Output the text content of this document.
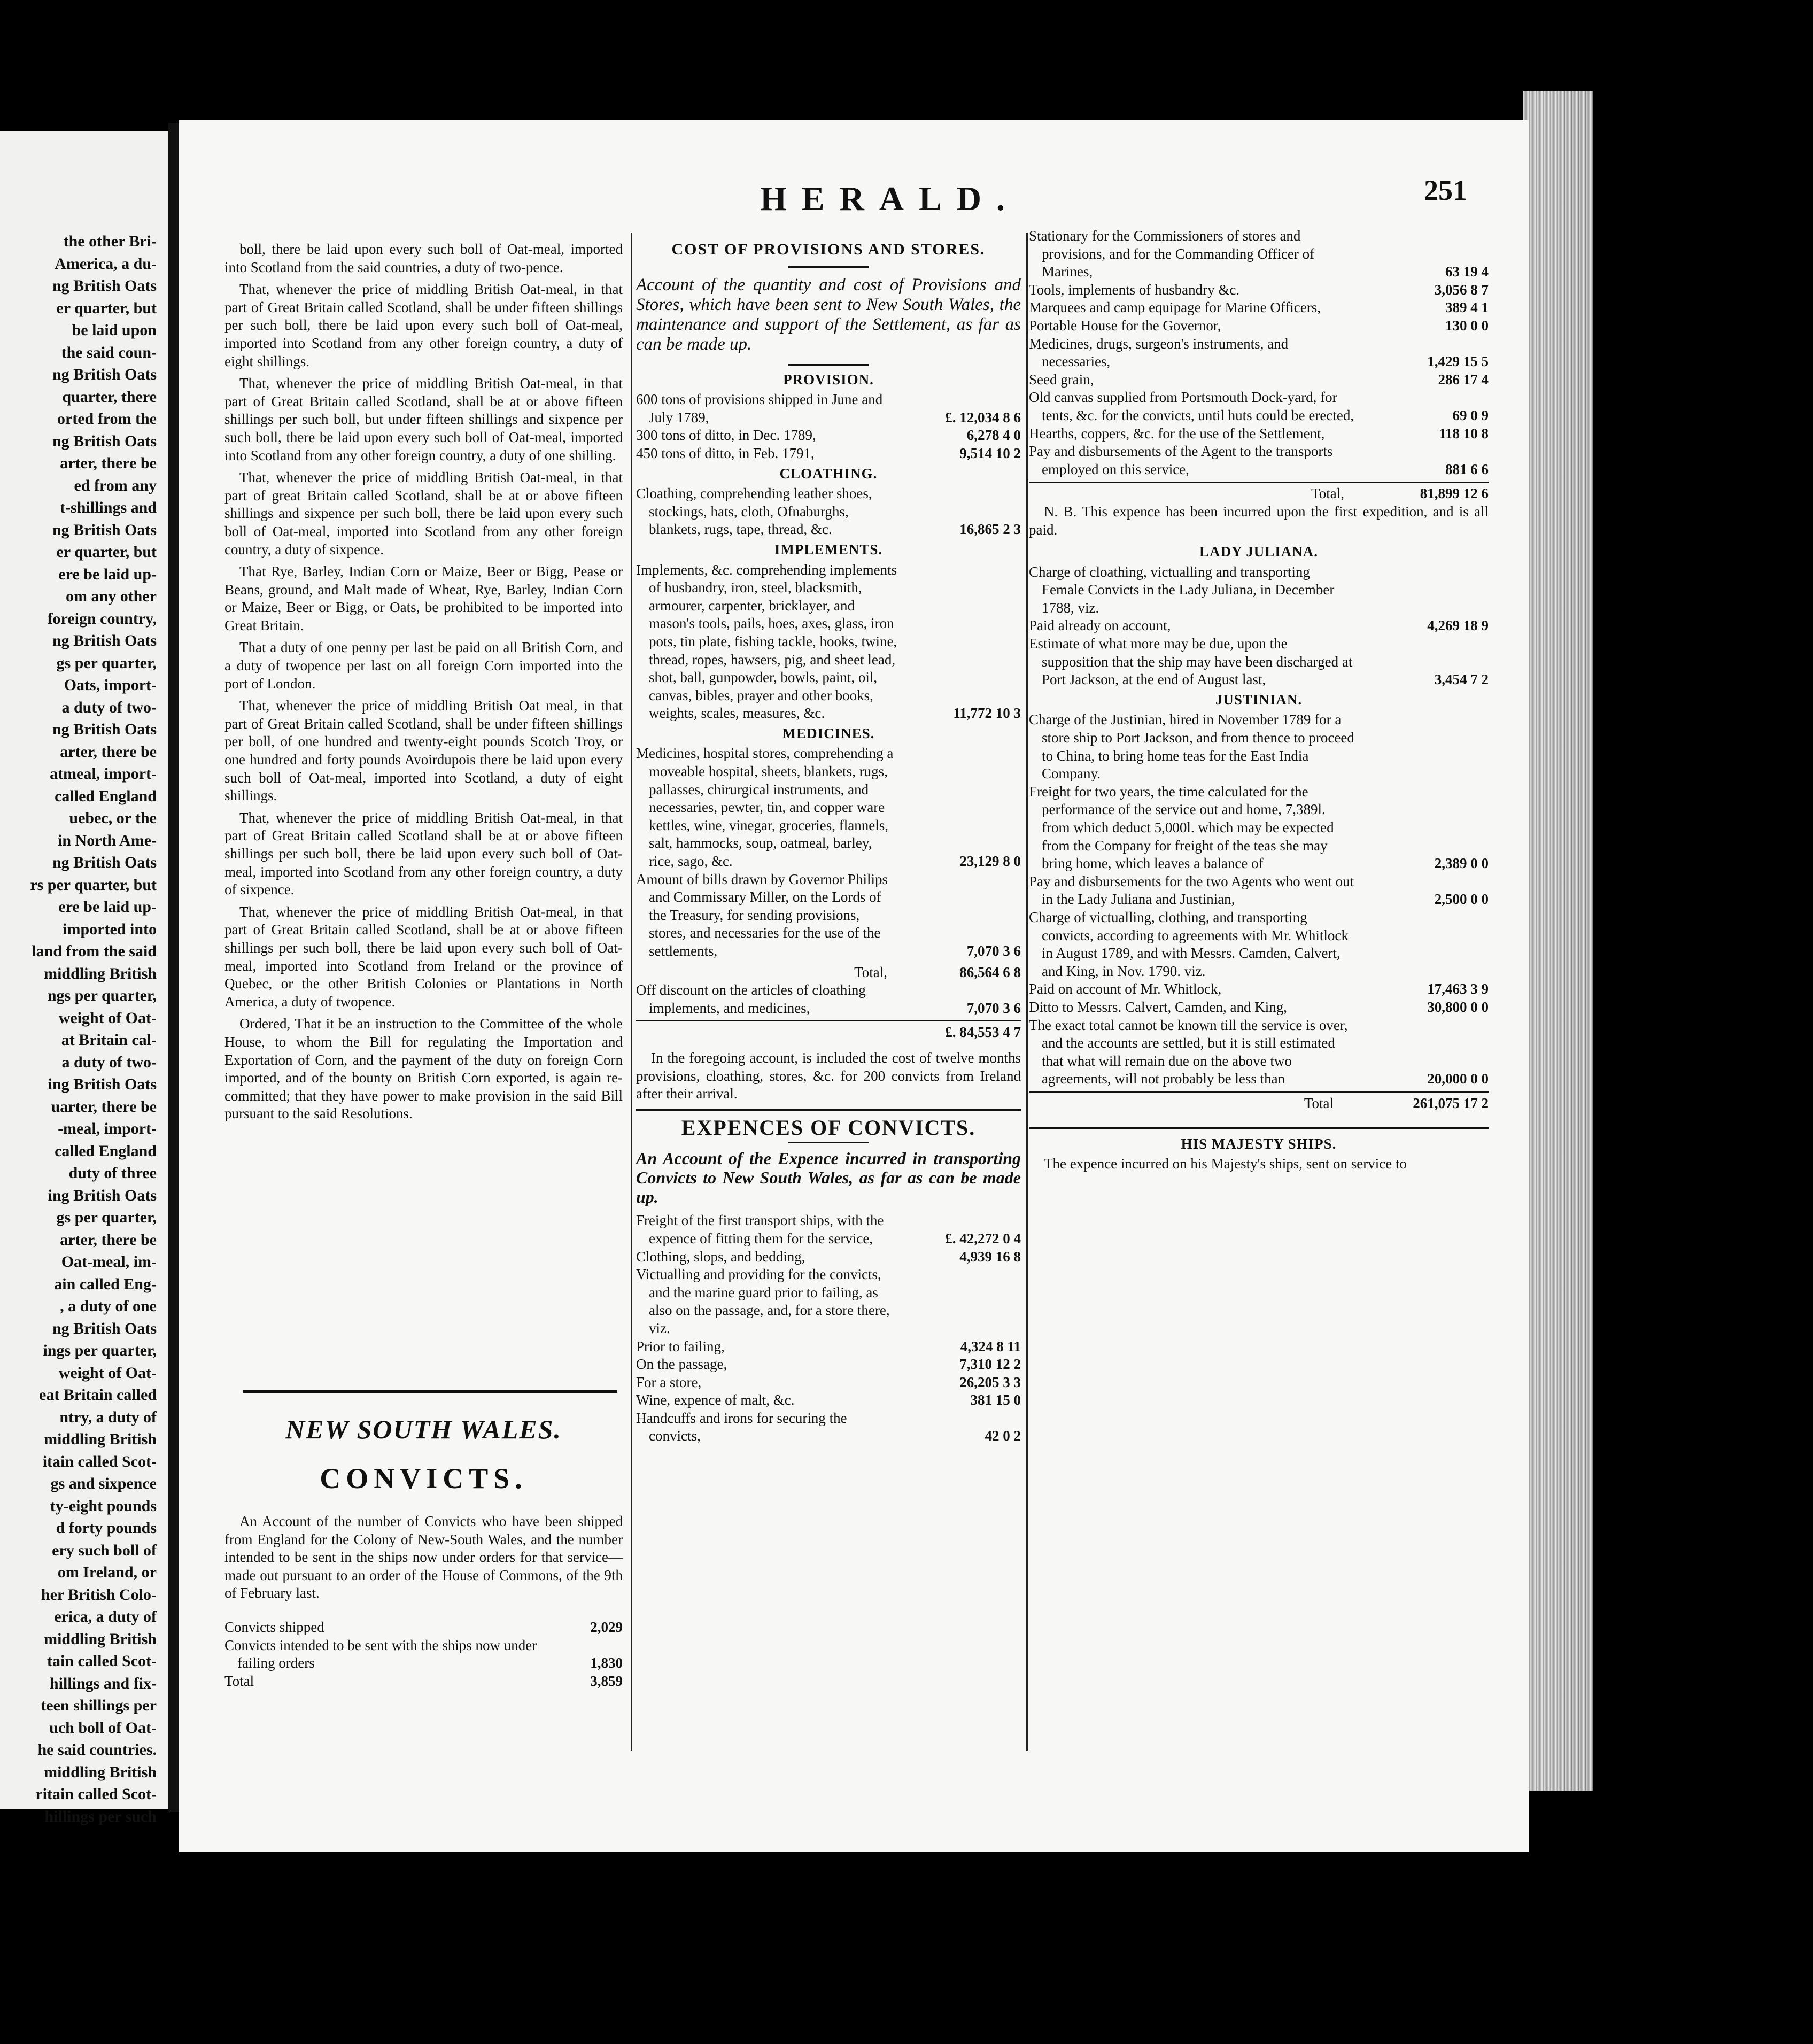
the other Bri-
America, a du-
ng British Oats
er quarter, but
be laid upon
the said coun-
ng British Oats
quarter, there
orted from the
ng British Oats
arter, there be
ed from any
t-shillings and
ng British Oats
er quarter, but
ere be laid up-
om any other
foreign country,
ng British Oats
gs per quarter,
Oats, import-
a duty of two-
ng British Oats
arter, there be
atmeal, import-
called England
uebec, or the
in North Ame-
ng British Oats
rs per quarter, but
ere be laid up-
imported into
land from the said
middling British
ngs per quarter,
weight of Oat-
at Britain cal-
a duty of two-
ing British Oats
uarter, there be
-meal, import-
called England
duty of three
ing British Oats
gs per quarter,
arter, there be
Oat-meal, im-
ain called Eng-
, a duty of one
ng British Oats
ings per quarter,
weight of Oat-
eat Britain called
ntry, a duty of
middling British
itain called Scot-
gs and sixpence
ty-eight pounds
d forty pounds
ery such boll of
om Ireland, or
her British Colo-
erica, a duty of
middling British
tain called Scot-
hillings and fix-
teen shillings per
uch boll of Oat-
he said countries.
middling British
ritain called Scot-
hillings per such
HERALD.	251

boll, there be laid upon every such boll of Oat-meal, imported into Scotland from the said countries, a duty of two-pence.

That, whenever the price of middling British Oat-meal, in that part of Great Britain called Scotland, shall be under fifteen shillings per such boll, there be laid upon every such boll of Oat-meal, imported into Scotland from any other foreign country, a duty of eight shillings.

That, whenever the price of middling British Oat-meal, in that part of Great Britain called Scotland, shall be at or above fifteen shillings per such boll, but under fifteen shillings and sixpence per such boll, there be laid upon every such boll of Oat-meal, imported into Scotland from any other foreign country, a duty of one shilling.

That, whenever the price of middling British Oat-meal, in that part of great Britain called Scotland, shall be at or above fifteen shillings and sixpence per such boll, there be laid upon every such boll of Oat-meal, imported into Scotland from any other foreign country, a duty of sixpence.

That Rye, Barley, Indian Corn or Maize, Beer or Bigg, Pease or Beans, ground, and Malt made of Wheat, Rye, Barley, Indian Corn or Maize, Beer or Bigg, or Oats, be prohibited to be imported into Great Britain.

That a duty of one penny per last be paid on all British Corn, and a duty of twopence per last on all foreign Corn imported into the port of London.

That, whenever the price of middling British Oat meal, in that part of Great Britain called Scotland, shall be under fifteen shillings per boll, of one hundred and twenty-eight pounds Scotch Troy, or one hundred and forty pounds Avoirdupois there be laid upon every such boll of Oat-meal, imported into Scotland, a duty of eight shillings.

That, whenever the price of middling British Oat-meal, in that part of Great Britain called Scotland shall be at or above fifteen shillings per such boll, there be laid upon every such boll of Oat-meal, imported into Scotland from any other foreign country, a duty of sixpence.

That, whenever the price of middling British Oat-meal, in that part of Great Britain called Scotland, shall be at or above fifteen shillings per such boll, there be laid upon every such boll of Oat-meal, imported into Scotland from Ireland or the province of Quebec, or the other British Colonies or Plantations in North America, a duty of twopence.

Ordered, That it be an instruction to the Committee of the whole House, to whom the Bill for regulating the Importation and Exportation of Corn, and the payment of the duty on foreign Corn imported, and of the bounty on British Corn exported, is again re-committed; that they have power to make provision in the said Bill pursuant to the said Resolutions.

NEW SOUTH WALES.
CONVICTS.

An Account of the number of Convicts who have been shipped from England for the Colony of New-South Wales, and the number intended to be sent in the ships now under orders for that service—made out pursuant to an order of the House of Commons, of the 9th of February last.

Convicts shipped	2,029
Convicts intended to be sent with the ships now under failing orders	1,830
Total	3,859
COST OF PROVISIONS AND STORES.
Account of the quantity and cost of Provisions and Stores, which have been sent to New South Wales, the maintenance and support of the Settlement, as far as can be made up.
PROVISION.
600 tons of provisions shipped in June and July 1789,	£. 12,034 8 6
300 tons of ditto, in Dec. 1789,	6,278 4 0
450 tons of ditto, in Feb. 1791,	9,514 10 2
CLOATHING.
Cloathing, comprehending leather shoes, stockings, hats, cloth, Ofnaburghs, blankets, rugs, tape, thread, &c.	16,865 2 3
IMPLEMENTS.
Implements, &c. comprehending implements of husbandry, iron, steel, blacksmith, armourer, carpenter, bricklayer, and mason's tools, pails, hoes, axes, glass, iron pots, tin plate, fishing tackle, hooks, twine, thread, ropes, hawsers, pig, and sheet lead, shot, ball, gunpowder, bowls, paint, oil, canvas, bibles, prayer and other books, weights, scales, measures, &c.	11,772 10 3
MEDICINES.
Medicines, hospital stores, comprehending a moveable hospital, sheets, blankets, rugs, pallasses, chirurgical instruments, and necessaries, pewter, tin, and copper ware kettles, wine, vinegar, groceries, flannels, salt, hammocks, soup, oatmeal, barley, rice, sago, &c.	23,129 8 0
Amount of bills drawn by Governor Philips and Commissary Miller, on the Lords of the Treasury, for sending provisions, stores, and necessaries for the use of the settlements,	7,070 3 6
Total,	86,564 6 8
Off discount on the articles of cloathing implements, and medicines,	7,070 3 6
£. 84,553 4 7

In the foregoing account, is included the cost of twelve months provisions, cloathing, stores, &c. for 200 convicts from Ireland after their arrival.

EXPENCES OF CONVICTS.
An Account of the Expence incurred in transporting Convicts to New South Wales, as far as can be made up.
Freight of the first transport ships, with the expence of fitting them for the service,	£. 42,272 0 4
Clothing, slops, and bedding,	4,939 16 8
Victualling and providing for the convicts, and the marine guard prior to failing, as also on the passage, and, for a store there, viz.
Prior to failing,	4,324 8 11
On the passage,	7,310 12 2
For a store,	26,205 3 3
Wine, expence of malt, &c.	381 15 0
Handcuffs and irons for securing the convicts,	42 0 2
Stationary for the Commissioners of stores and provisions, and for the Commanding Officer of Marines,	63 19 4
Tools, implements of husbandry &c.	3,056 8 7
Marquees and camp equipage for Marine Officers,	389 4 1
Portable House for the Governor,	130 0 0
Medicines, drugs, surgeon's instruments, and necessaries,	1,429 15 5
Seed grain,	286 17 4
Old canvas supplied from Portsmouth Dock-yard, for tents, &c. for the convicts, until huts could be erected,	69 0 9
Hearths, coppers, &c. for the use of the Settlement,	118 10 8
Pay and disbursements of the Agent to the transports employed on this service,	881 6 6
Total,	81,899 12 6

N. B. This expence has been incurred upon the first expedition, and is all paid.

LADY JULIANA.
Charge of cloathing, victualling and transporting Female Convicts in the Lady Juliana, in December 1788, viz.
Paid already on account,	4,269 18 9
Estimate of what more may be due, upon the supposition that the ship may have been discharged at Port Jackson, at the end of August last,	3,454 7 2
JUSTINIAN.
Charge of the Justinian, hired in November 1789 for a store ship to Port Jackson, and from thence to proceed to China, to bring home teas for the East India Company.
Freight for two years, the time calculated for the performance of the service out and home, 7,389l. from which deduct 5,000l. which may be expected from the Company for freight of the teas she may bring home, which leaves a balance of	2,389 0 0
Pay and disbursements for the two Agents who went out in the Lady Juliana and Justinian,	2,500 0 0
Charge of victualling, clothing, and transporting convicts, according to agreements with Mr. Whitlock in August 1789, and with Messrs. Camden, Calvert, and King, in Nov. 1790. viz.
Paid on account of Mr. Whitlock,	17,463 3 9
Ditto to Messrs. Calvert, Camden, and King,	30,800 0 0
The exact total cannot be known till the service is over, and the accounts are settled, but it is still estimated that what will remain due on the above two agreements, will not probably be less than	20,000 0 0
Total	261,075 17 2
HIS MAJESTY SHIPS.

The expence incurred on his Majesty's ships, sent on service to
